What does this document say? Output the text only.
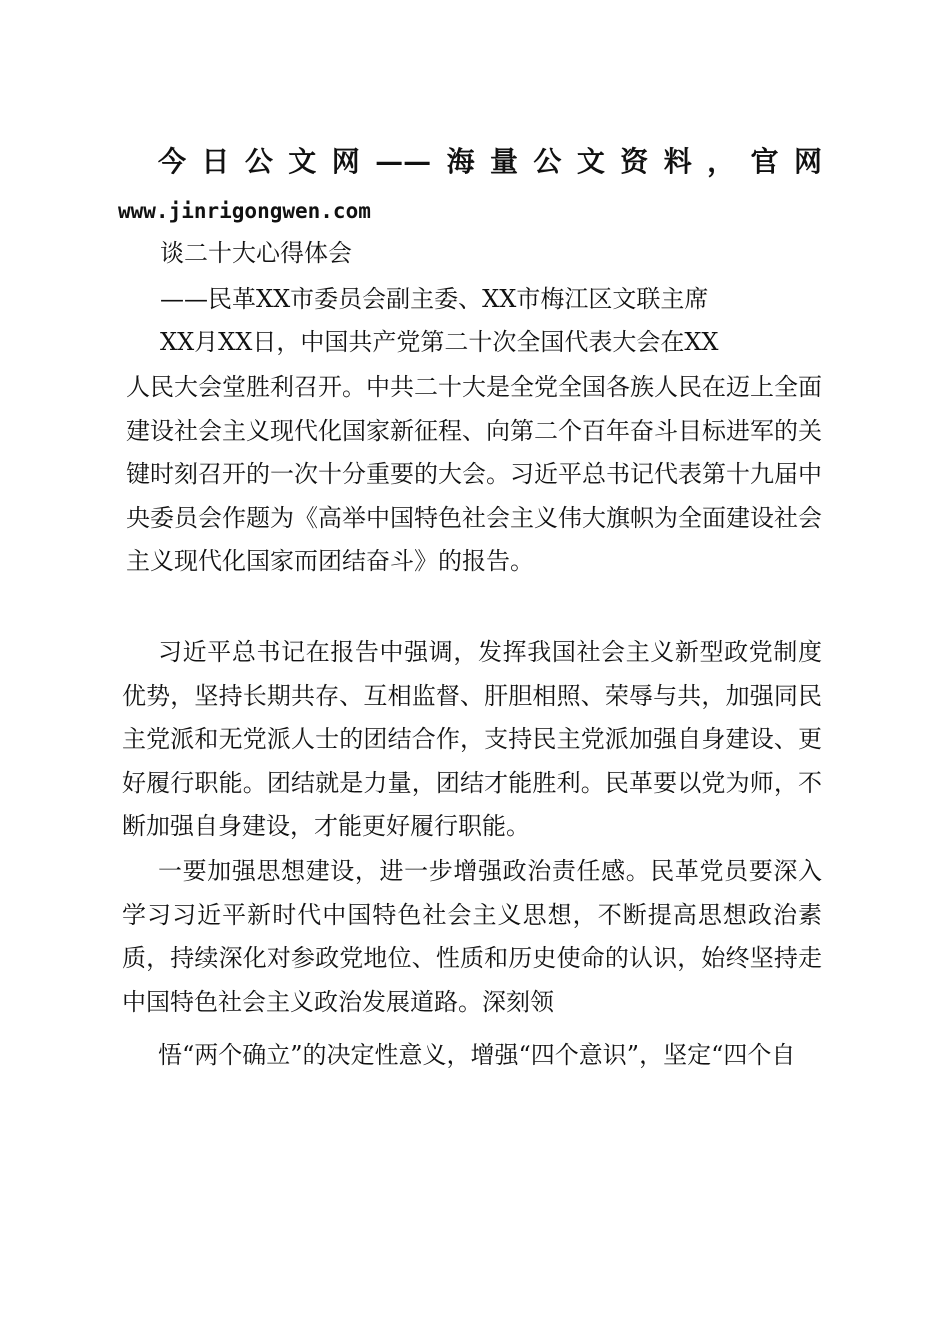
今日公文网——海量公文资料，官网
www.jinrigongwen.com
谈二十大心得体会
——民革XX市委员会副主委、XX市梅江区文联主席
XX月XX日，中国共产党第二十次全国代表大会在XX
人民大会堂胜利召开。中共二十大是全党全国各族人民在迈上全面建设社会主义现代化国家新征程、向第二个百年奋斗目标进军的关键时刻召开的一次十分重要的大会。习近平总书记代表第十九届中央委员会作题为《高举中国特色社会主义伟大旗帜为全面建设社会主义现代化国家而团结奋斗》的报告。
习近平总书记在报告中强调，发挥我国社会主义新型政党制度优势，坚持长期共存、互相监督、肝胆相照、荣辱与共，加强同民主党派和无党派人士的团结合作，支持民主党派加强自身建设、更好履行职能。团结就是力量，团结才能胜利。民革要以党为师，不断加强自身建设，才能更好履行职能。
一要加强思想建设，进一步增强政治责任感。民革党员要深入学习习近平新时代中国特色社会主义思想，不断提高思想政治素质，持续深化对参政党地位、性质和历史使命的认识，始终坚持走中国特色社会主义政治发展道路。深刻领
悟“两个确立”的决定性意义，增强“四个意识”，坚定“四个自
